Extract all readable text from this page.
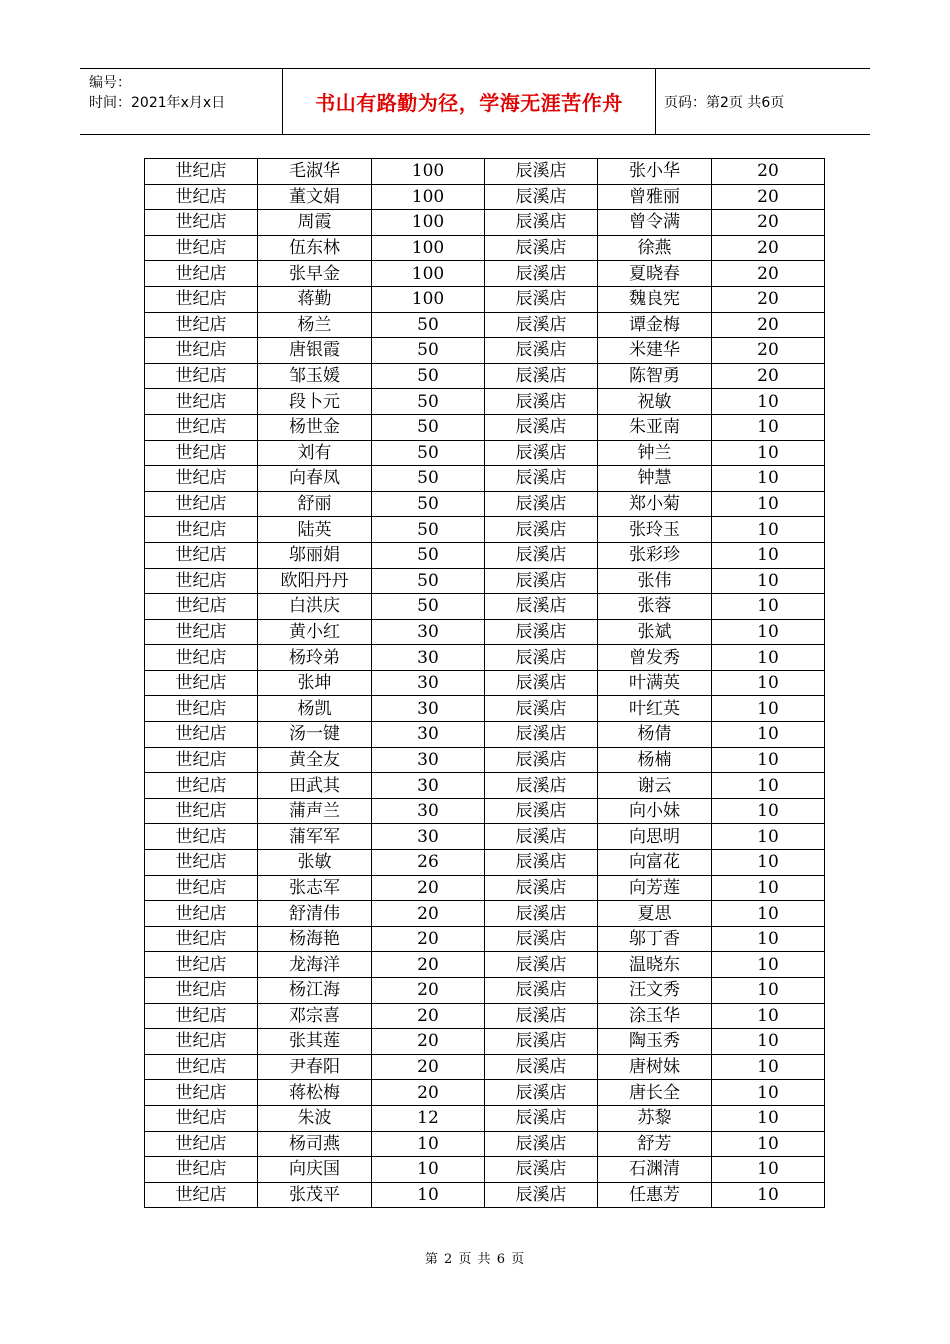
编号：
时间：2021年x月x日	书山有路勤为径，学海无涯苦作舟	页码：第2页 共6页
世纪店	毛淑华	100	辰溪店	张小华	20
世纪店	董文娟	100	辰溪店	曾雅丽	20
世纪店	周霞	100	辰溪店	曾令满	20
世纪店	伍东林	100	辰溪店	徐燕	20
世纪店	张早金	100	辰溪店	夏晓春	20
世纪店	蒋勤	100	辰溪店	魏良宪	20
世纪店	杨兰	50	辰溪店	谭金梅	20
世纪店	唐银霞	50	辰溪店	米建华	20
世纪店	邹玉媛	50	辰溪店	陈智勇	20
世纪店	段卜元	50	辰溪店	祝敏	10
世纪店	杨世金	50	辰溪店	朱亚南	10
世纪店	刘有	50	辰溪店	钟兰	10
世纪店	向春凤	50	辰溪店	钟慧	10
世纪店	舒丽	50	辰溪店	郑小菊	10
世纪店	陆英	50	辰溪店	张玲玉	10
世纪店	邬丽娟	50	辰溪店	张彩珍	10
世纪店	欧阳丹丹	50	辰溪店	张伟	10
世纪店	白洪庆	50	辰溪店	张蓉	10
世纪店	黄小红	30	辰溪店	张斌	10
世纪店	杨玲弟	30	辰溪店	曾发秀	10
世纪店	张坤	30	辰溪店	叶满英	10
世纪店	杨凯	30	辰溪店	叶红英	10
世纪店	汤一键	30	辰溪店	杨倩	10
世纪店	黄全友	30	辰溪店	杨楠	10
世纪店	田武其	30	辰溪店	谢云	10
世纪店	蒲声兰	30	辰溪店	向小妹	10
世纪店	蒲军军	30	辰溪店	向思明	10
世纪店	张敏	26	辰溪店	向富花	10
世纪店	张志军	20	辰溪店	向芳莲	10
世纪店	舒清伟	20	辰溪店	夏思	10
世纪店	杨海艳	20	辰溪店	邬丁香	10
世纪店	龙海洋	20	辰溪店	温晓东	10
世纪店	杨江海	20	辰溪店	汪文秀	10
世纪店	邓宗喜	20	辰溪店	涂玉华	10
世纪店	张其莲	20	辰溪店	陶玉秀	10
世纪店	尹春阳	20	辰溪店	唐树妹	10
世纪店	蒋松梅	20	辰溪店	唐长全	10
世纪店	朱波	12	辰溪店	苏黎	10
世纪店	杨司燕	10	辰溪店	舒芳	10
世纪店	向庆国	10	辰溪店	石渊清	10
世纪店	张茂平	10	辰溪店	任惠芳	10
第 2 页 共 6 页
